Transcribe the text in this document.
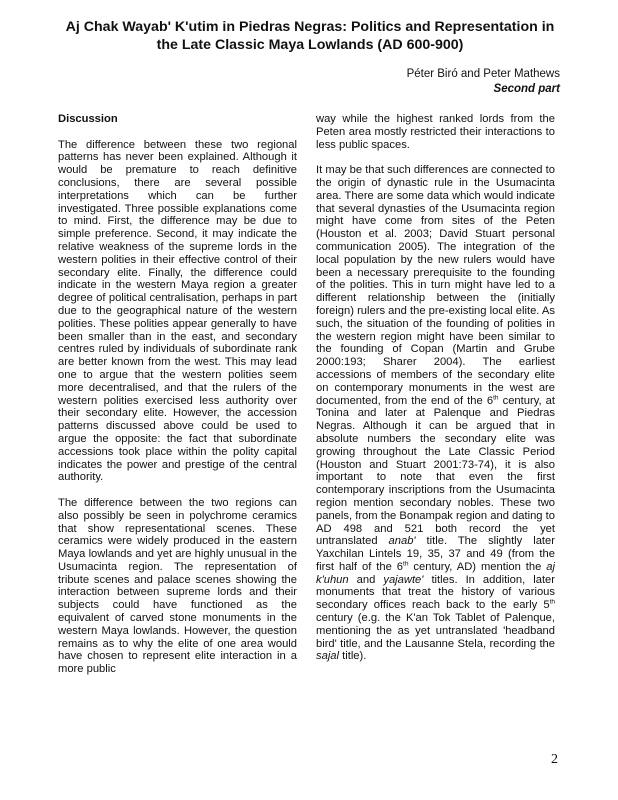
Aj Chak Wayab' K'utim in Piedras Negras: Politics and Representation in
the Late Classic Maya Lowlands (AD 600-900)
Péter Biró and Peter Mathews
Second part
Discussion

The difference between these two regional patterns has never been explained. Although it would be premature to reach definitive conclusions, there are several possible interpretations which can be further investigated. Three possible explanations come to mind. First, the difference may be due to simple preference. Second, it may indicate the relative weakness of the supreme lords in the western polities in their effective control of their secondary elite. Finally, the difference could indicate in the western Maya region a greater degree of political centralisation, perhaps in part due to the geographical nature of the western polities. These polities appear generally to have been smaller than in the east, and secondary centres ruled by individuals of subordinate rank are better known from the west. This may lead one to argue that the western polities seem more decentralised, and that the rulers of the western polities exercised less authority over their secondary elite. However, the accession patterns discussed above could be used to argue the opposite: the fact that subordinate accessions took place within the polity capital indicates the power and prestige of the central authority.

The difference between the two regions can also possibly be seen in polychrome ceramics that show representational scenes. These ceramics were widely produced in the eastern Maya lowlands and yet are highly unusual in the Usumacinta region. The representation of tribute scenes and palace scenes showing the interaction between supreme lords and their subjects could have functioned as the equivalent of carved stone monuments in the western Maya lowlands. However, the question remains as to why the elite of one area would have chosen to represent elite interaction in a more public

way while the highest ranked lords from the Peten area mostly restricted their interactions to less public spaces.

It may be that such differences are connected to the origin of dynastic rule in the Usumacinta area. There are some data which would indicate that several dynasties of the Usumacinta region might have come from sites of the Peten (Houston et al. 2003; David Stuart personal communication 2005). The integration of the local population by the new rulers would have been a necessary prerequisite to the founding of the polities. This in turn might have led to a different relationship between the (initially foreign) rulers and the pre-existing local elite. As such, the situation of the founding of polities in the western region might have been similar to the founding of Copan (Martin and Grube 2000:193; Sharer 2004). The earliest accessions of members of the secondary elite on contemporary monuments in the west are documented, from the end of the 6th century, at Tonina and later at Palenque and Piedras Negras. Although it can be argued that in absolute numbers the secondary elite was growing throughout the Late Classic Period (Houston and Stuart 2001:73-74), it is also important to note that even the first contemporary inscriptions from the Usumacinta region mention secondary nobles. These two panels, from the Bonampak region and dating to AD 498 and 521 both record the yet untranslated anab' title. The slightly later Yaxchilan Lintels 19, 35, 37 and 49 (from the first half of the 6th century, AD) mention the aj k'uhun and yajawte' titles. In addition, later monuments that treat the history of various secondary offices reach back to the early 5th century (e.g. the K'an Tok Tablet of Palenque, mentioning the as yet untranslated 'headband bird' title, and the Lausanne Stela, recording the sajal title).

2
